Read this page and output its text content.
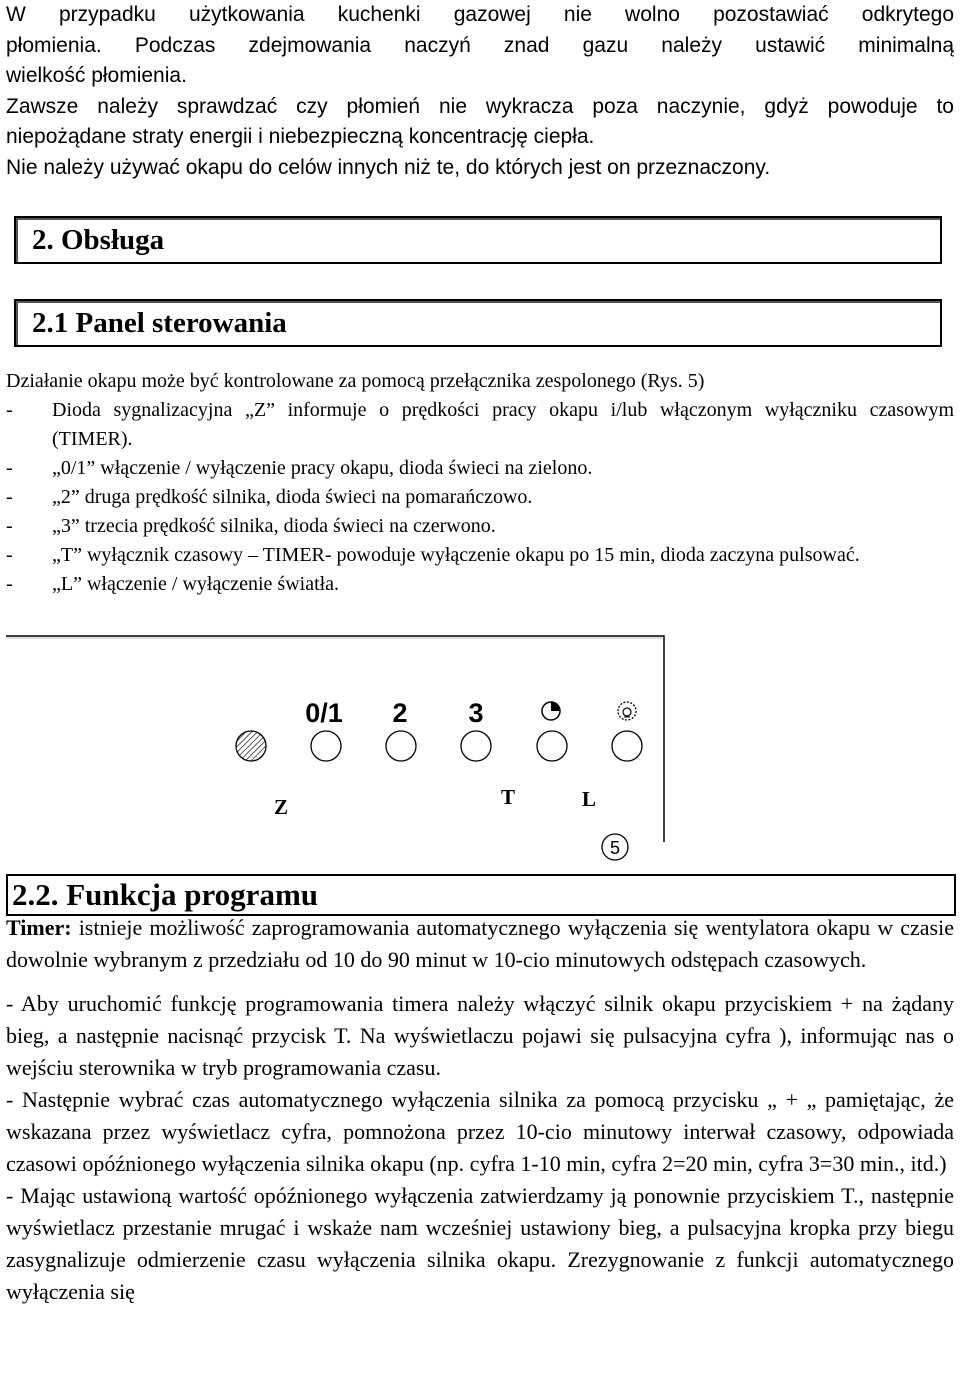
W przypadku użytkowania kuchenki gazowej nie wolno pozostawiać odkrytego
płomienia. Podczas zdejmowania naczyń znad gazu należy ustawić minimalną
wielkość płomienia.
Zawsze należy sprawdzać czy płomień nie wykracza poza naczynie, gdyż powoduje to
niepożądane straty energii i niebezpieczną koncentrację ciepła.
Nie należy używać okapu do celów innych niż te, do których jest on przeznaczony.
2. Obsługa
2.1 Panel sterowania
Działanie okapu może być kontrolowane za pomocą przełącznika zespolonego (Rys. 5)
-	Dioda sygnalizacyjna „Z” informuje o prędkości pracy okapu i/lub włączonym wyłączniku czasowym (TIMER).
-	„0/1” włączenie / wyłączenie pracy okapu, dioda świeci na zielono.
-	„2” druga prędkość silnika, dioda świeci na pomarańczowo.
-	„3” trzecia prędkość silnika, dioda świeci na czerwono.
-	„T” wyłącznik czasowy – TIMER- powoduje wyłączenie okapu po 15 min, dioda zaczyna pulsować.
-	„L” włączenie / wyłączenie światła.
0/1 2 3
Z	T	L
5
2.2. Funkcja programu

Timer: istnieje możliwość zaprogramowania automatycznego wyłączenia się wentylatora okapu w czasie dowolnie wybranym z przedziału od 10 do 90 minut w 10-cio minutowych odstępach czasowych.

- Aby uruchomić funkcję programowania timera należy włączyć silnik okapu przyciskiem + na żądany bieg, a następnie nacisnąć przycisk T. Na wyświetlaczu pojawi się pulsacyjna cyfra ), informując nas o wejściu sterownika w tryb programowania czasu.

- Następnie wybrać czas automatycznego wyłączenia silnika za pomocą przycisku „ + „ pamiętając, że wskazana przez wyświetlacz cyfra, pomnożona przez 10-cio minutowy interwał czasowy, odpowiada czasowi opóźnionego wyłączenia silnika okapu (np. cyfra 1-10 min, cyfra 2=20 min, cyfra 3=30 min., itd.)

- Mając ustawioną wartość opóźnionego wyłączenia zatwierdzamy ją ponownie przyciskiem T., następnie wyświetlacz przestanie mrugać i wskaże nam wcześniej ustawiony bieg, a pulsacyjna kropka przy biegu zasygnalizuje odmierzenie czasu wyłączenia silnika okapu. Zrezygnowanie z funkcji automatycznego wyłączenia się
